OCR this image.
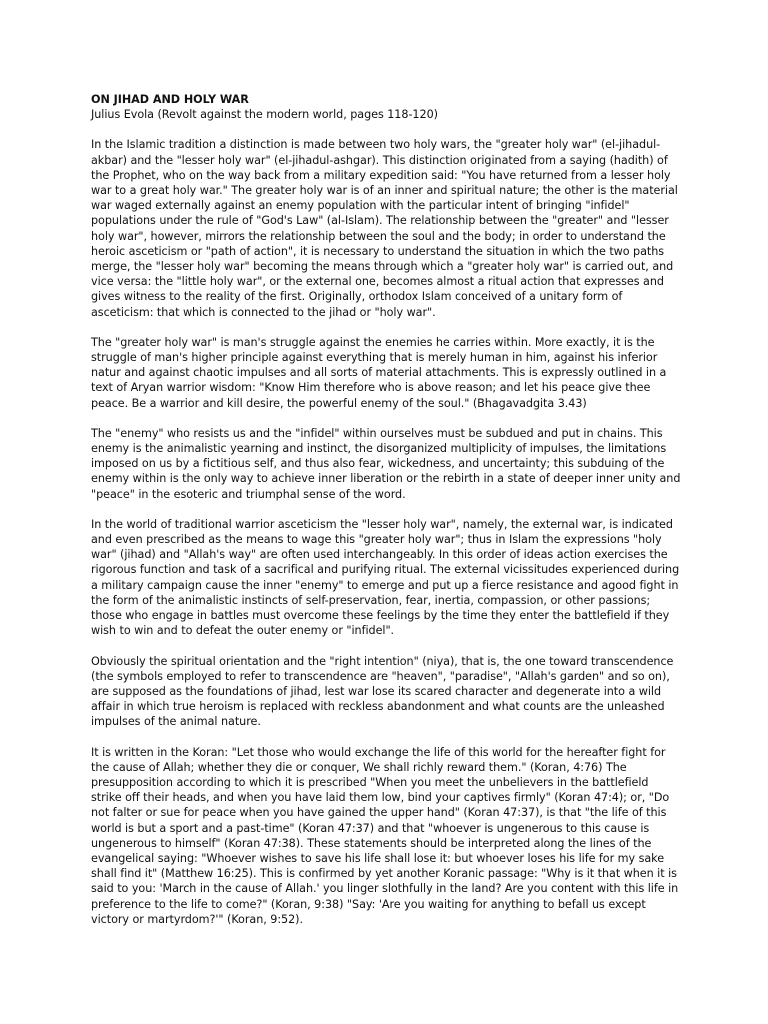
ON JIHAD AND HOLY WAR

Julius Evola (Revolt against the modern world, pages 118-120)

In the Islamic tradition a distinction is made between two holy wars, the "greater holy war" (el-jihadul-akbar) and the "lesser holy war" (el-jihadul-ashgar). This distinction originated from a saying (hadith) of the Prophet, who on the way back from a military expedition said: "You have returned from a lesser holy war to a great holy war." The greater holy war is of an inner and spiritual nature; the other is the material war waged externally against an enemy population with the particular intent of bringing "infidel" populations under the rule of "God's Law" (al-Islam). The relationship between the "greater" and "lesser holy war", however, mirrors the relationship between the soul and the body; in order to understand the heroic asceticism or "path of action", it is necessary to understand the situation in which the two paths merge, the "lesser holy war" becoming the means through which a "greater holy war" is carried out, and vice versa: the "little holy war", or the external one, becomes almost a ritual action that expresses and gives witness to the reality of the first. Originally, orthodox Islam conceived of a unitary form of asceticism: that which is connected to the jihad or "holy war".

The "greater holy war" is man's struggle against the enemies he carries within. More exactly, it is the struggle of man's higher principle against everything that is merely human in him, against his inferior natur and against chaotic impulses and all sorts of material attachments. This is expressly outlined in a text of Aryan warrior wisdom: "Know Him therefore who is above reason; and let his peace give thee peace. Be a warrior and kill desire, the powerful enemy of the soul." (Bhagavadgita 3.43)

The "enemy" who resists us and the "infidel" within ourselves must be subdued and put in chains. This enemy is the animalistic yearning and instinct, the disorganized multiplicity of impulses, the limitations imposed on us by a fictitious self, and thus also fear, wickedness, and uncertainty; this subduing of the enemy within is the only way to achieve inner liberation or the rebirth in a state of deeper inner unity and "peace" in the esoteric and triumphal sense of the word.

In the world of traditional warrior asceticism the "lesser holy war", namely, the external war, is indicated and even prescribed as the means to wage this "greater holy war"; thus in Islam the expressions "holy war" (jihad) and "Allah's way" are often used interchangeably. In this order of ideas action exercises the rigorous function and task of a sacrifical and purifying ritual. The external vicissitudes experienced during a military campaign cause the inner "enemy" to emerge and put up a fierce resistance and agood fight in the form of the animalistic instincts of self-preservation, fear, inertia, compassion, or other passions; those who engage in battles must overcome these feelings by the time they enter the battlefield if they wish to win and to defeat the outer enemy or "infidel".

Obviously the spiritual orientation and the "right intention" (niya), that is, the one toward transcendence (the symbols employed to refer to transcendence are "heaven", "paradise", "Allah's garden" and so on), are supposed as the foundations of jihad, lest war lose its scared character and degenerate into a wild affair in which true heroism is replaced with reckless abandonment and what counts are the unleashed impulses of the animal nature.

It is written in the Koran: "Let those who would exchange the life of this world for the hereafter fight for the cause of Allah; whether they die or conquer, We shall richly reward them." (Koran, 4:76) The presupposition according to which it is prescribed "When you meet the unbelievers in the battlefield strike off their heads, and when you have laid them low, bind your captives firmly" (Koran 47:4); or, "Do not falter or sue for peace when you have gained the upper hand" (Koran 47:37), is that "the life of this world is but a sport and a past-time" (Koran 47:37) and that "whoever is ungenerous to this cause is ungenerous to himself" (Koran 47:38). These statements should be interpreted along the lines of the evangelical saying: "Whoever wishes to save his life shall lose it: but whoever loses his life for my sake shall find it" (Matthew 16:25). This is confirmed by yet another Koranic passage: "Why is it that when it is said to you: 'March in the cause of Allah.' you linger slothfully in the land? Are you content with this life in preference to the life to come?" (Koran, 9:38) "Say: 'Are you waiting for anything to befall us except victory or martyrdom?'" (Koran, 9:52).
